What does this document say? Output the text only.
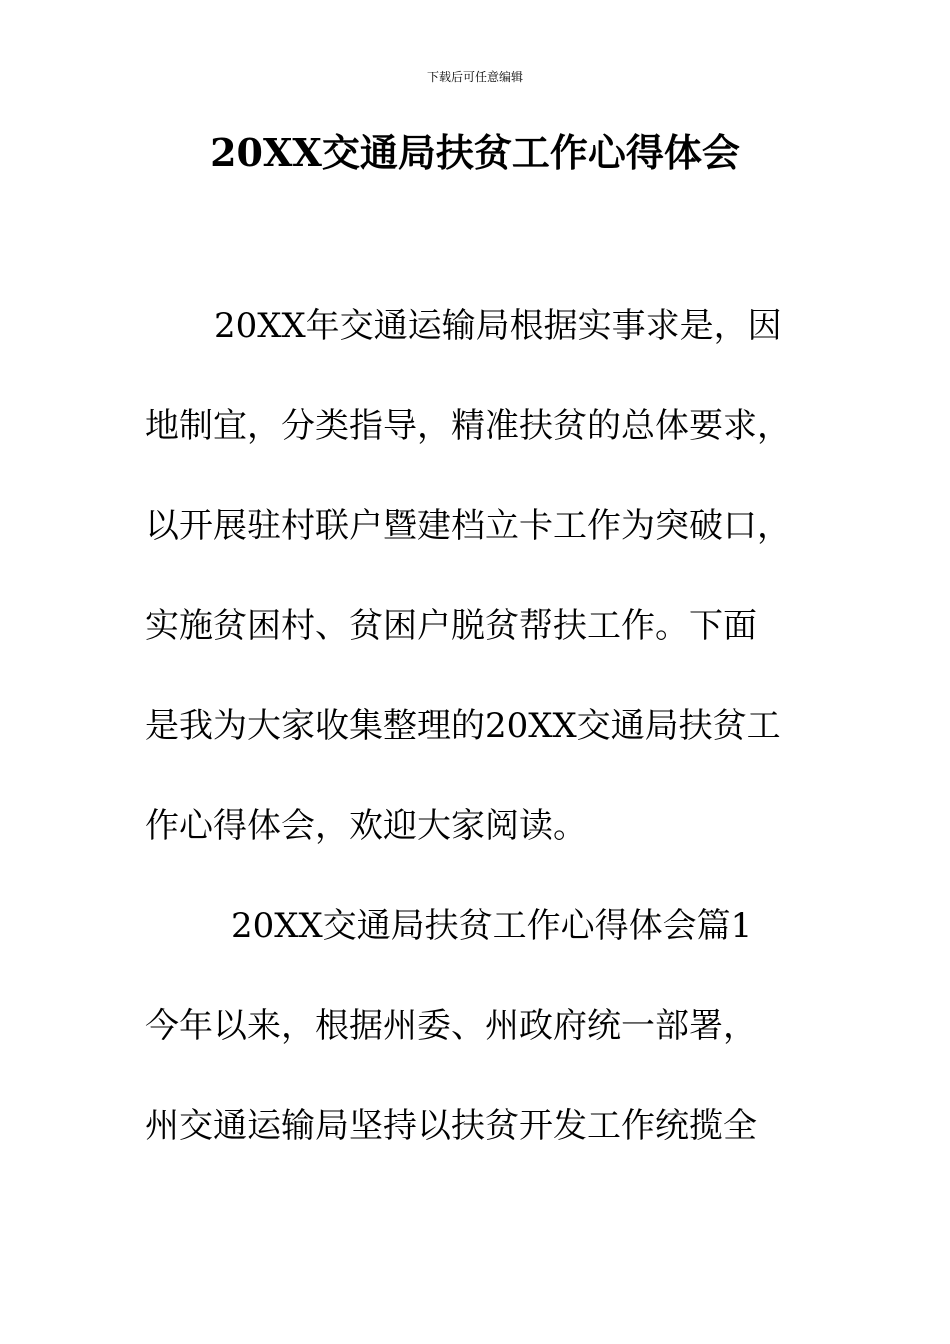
下载后可任意编辑
20XX交通局扶贫工作心得体会
20XX年交通运输局根据实事求是，因
地制宜，分类指导，精准扶贫的总体要求，
以开展驻村联户暨建档立卡工作为突破口，
实施贫困村、贫困户脱贫帮扶工作。下面
是我为大家收集整理的20XX交通局扶贫工
作心得体会，欢迎大家阅读。
20XX交通局扶贫工作心得体会篇1
今年以来，根据州委、州政府统一部署，
州交通运输局坚持以扶贫开发工作统揽全
